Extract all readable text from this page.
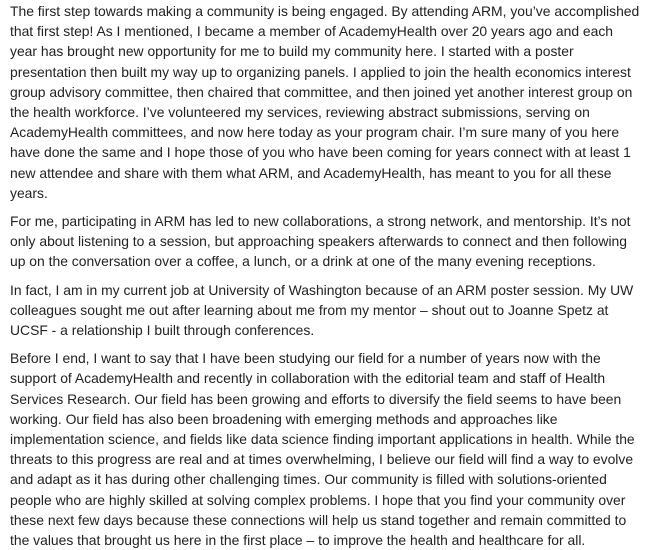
The first step towards making a community is being engaged. By attending ARM, you’ve accomplished that first step! As I mentioned, I became a member of AcademyHealth over 20 years ago and each year has brought new opportunity for me to build my community here. I started with a poster presentation then built my way up to organizing panels. I applied to join the health economics interest group advisory committee, then chaired that committee, and then joined yet another interest group on the health workforce. I’ve volunteered my services, reviewing abstract submissions, serving on AcademyHealth committees, and now here today as your program chair. I’m sure many of you here have done the same and I hope those of you who have been coming for years connect with at least 1 new attendee and share with them what ARM, and AcademyHealth, has meant to you for all these years.

For me, participating in ARM has led to new collaborations, a strong network, and mentorship. It’s not only about listening to a session, but approaching speakers afterwards to connect and then following up on the conversation over a coffee, a lunch, or a drink at one of the many evening receptions.

In fact, I am in my current job at University of Washington because of an ARM poster session. My UW colleagues sought me out after learning about me from my mentor – shout out to Joanne Spetz at UCSF - a relationship I built through conferences.

Before I end, I want to say that I have been studying our field for a number of years now with the support of AcademyHealth and recently in collaboration with the editorial team and staff of Health Services Research. Our field has been growing and efforts to diversify the field seems to have been working. Our field has also been broadening with emerging methods and approaches like implementation science, and fields like data science finding important applications in health. While the threats to this progress are real and at times overwhelming, I believe our field will find a way to evolve and adapt as it has during other challenging times. Our community is filled with solutions-oriented people who are highly skilled at solving complex problems. I hope that you find your community over these next few days because these connections will help us stand together and remain committed to the values that brought us here in the first place – to improve the health and healthcare for all.
